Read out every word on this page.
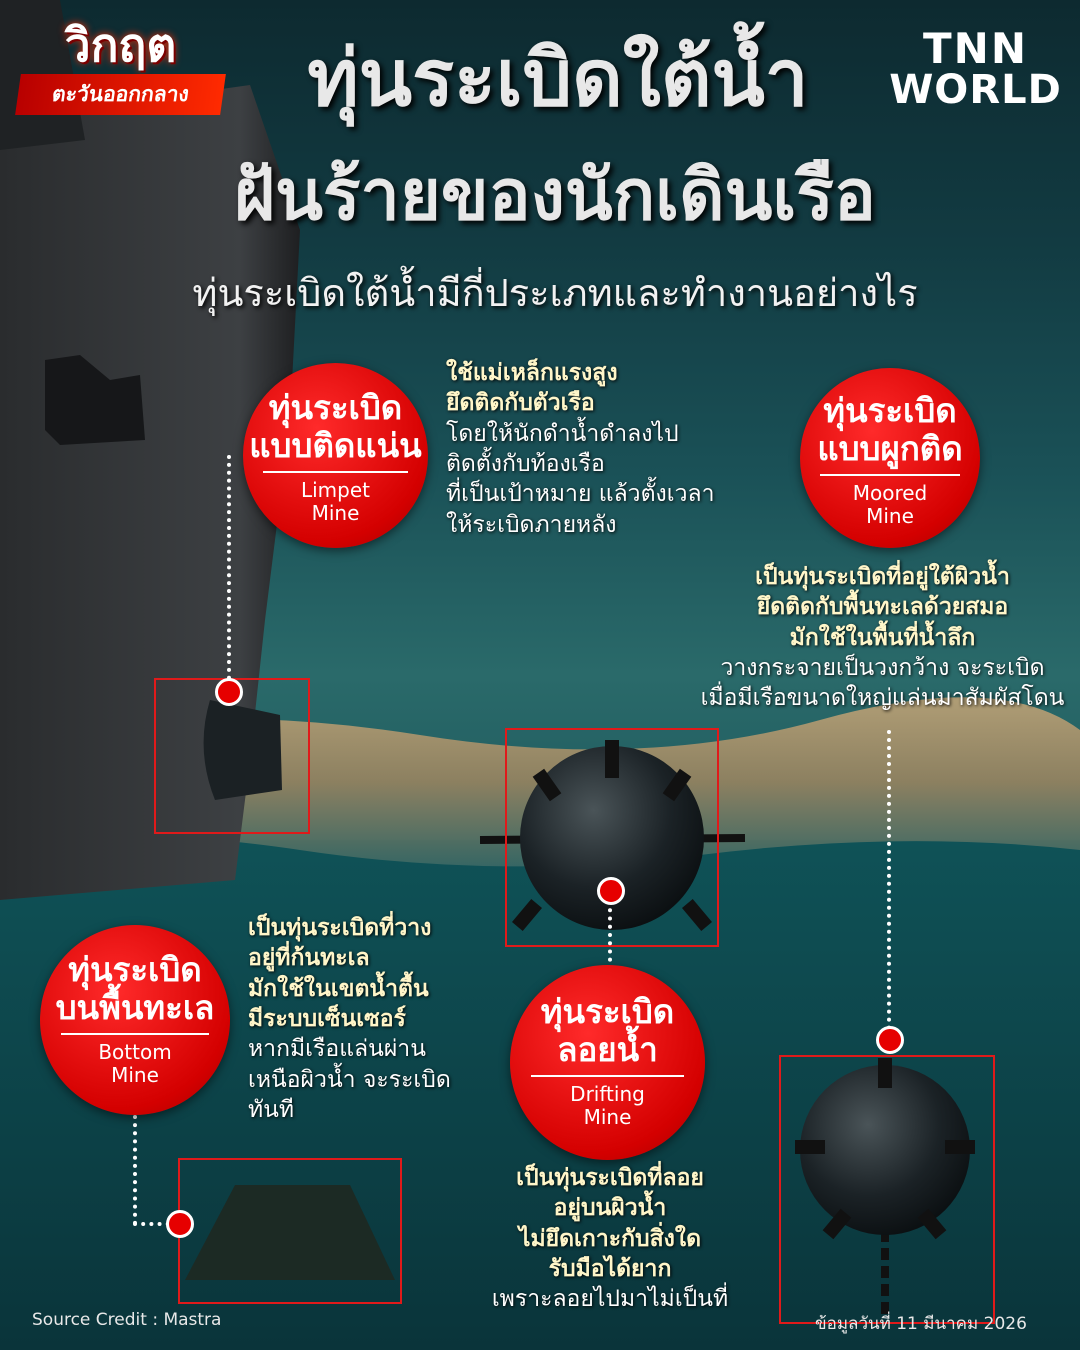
วิกฤต
ตะวันออกกลาง
TNN
WORLD
ทุ่นระเบิดใต้น้ำ
ฝันร้ายของนักเดินเรือ
ทุ่นระเบิดใต้น้ำมีกี่ประเภทและทำงานอย่างไร
ทุ่นระเบิด
แบบติดแน่น
Limpet
Mine
ใช้แม่เหล็กแรงสูง
ยึดติดกับตัวเรือ
โดยให้นักดำน้ำดำลงไป
ติดตั้งกับท้องเรือ
ที่เป็นเป้าหมาย แล้วตั้งเวลา
ให้ระเบิดภายหลัง
ทุ่นระเบิด
แบบผูกติด
Moored
Mine
เป็นทุ่นระเบิดที่อยู่ใต้ผิวน้ำ
ยึดติดกับพื้นทะเลด้วยสมอ
มักใช้ในพื้นที่น้ำลึก
วางกระจายเป็นวงกว้าง จะระเบิด
เมื่อมีเรือขนาดใหญ่แล่นมาสัมผัสโดน
ทุ่นระเบิด
บนพื้นทะเล
Bottom
Mine
เป็นทุ่นระเบิดที่วาง
อยู่ที่ก้นทะเล
มักใช้ในเขตน้ำตื้น
มีระบบเซ็นเซอร์
หากมีเรือแล่นผ่าน
เหนือผิวน้ำ จะระเบิด
ทันที
ทุ่นระเบิด
ลอยน้ำ
Drifting
Mine
เป็นทุ่นระเบิดที่ลอย
อยู่บนผิวน้ำ
ไม่ยึดเกาะกับสิ่งใด
รับมือได้ยาก
เพราะลอยไปมาไม่เป็นที่
Source Credit : Mastra	ข้อมูลวันที่ 11 มีนาคม 2026
